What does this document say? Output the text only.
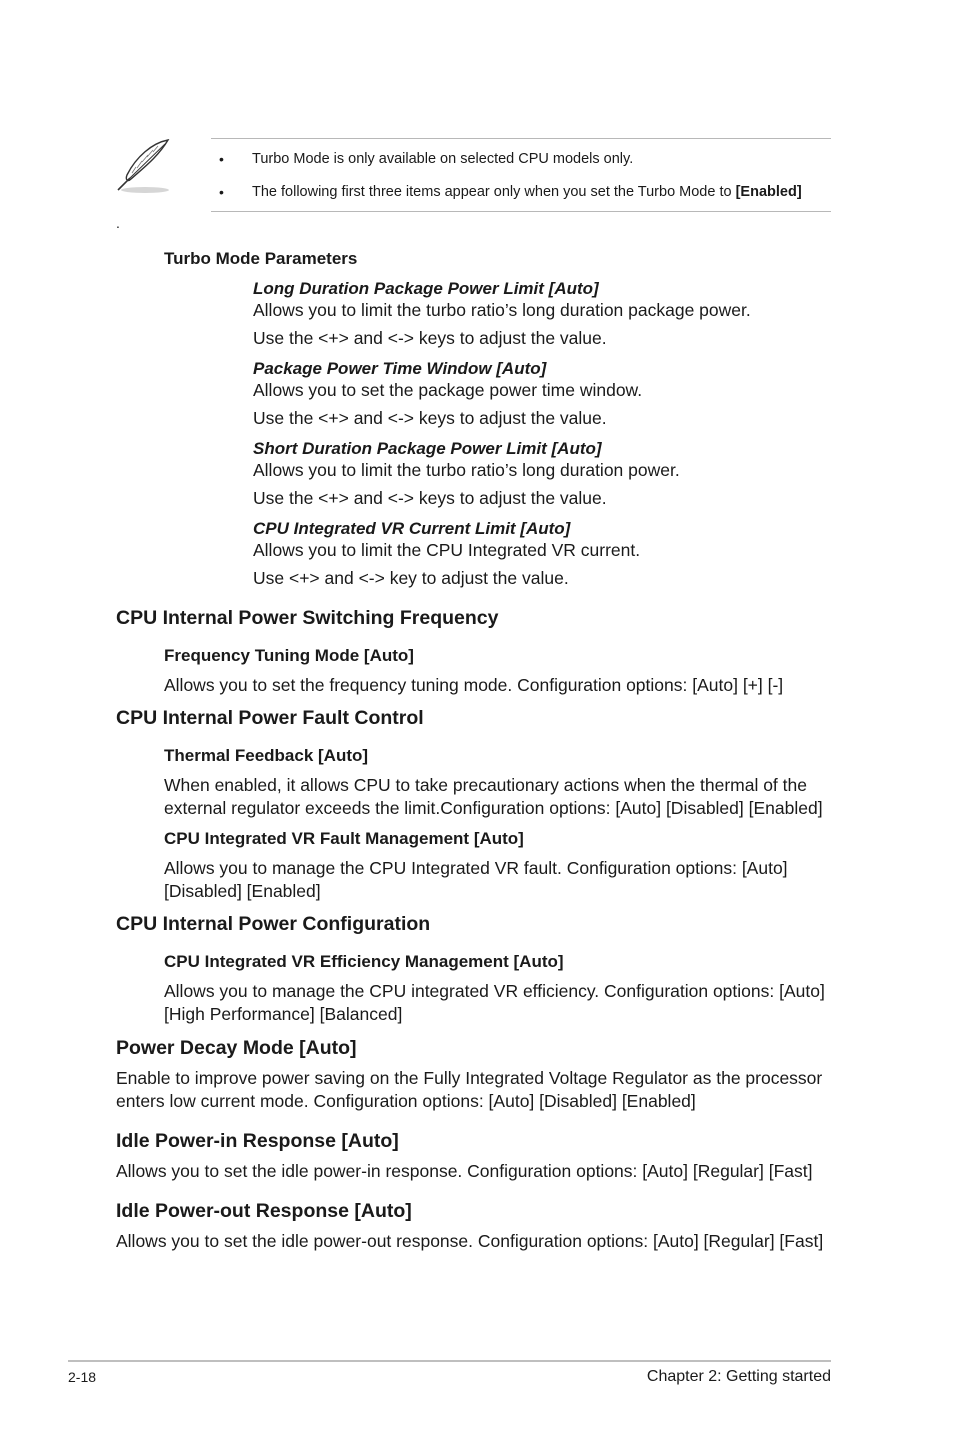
• Turbo Mode is only available on selected CPU models only.
• The following first three items appear only when you set the Turbo Mode to [Enabled]
.
Turbo Mode Parameters
Long Duration Package Power Limit [Auto]
Allows you to limit the turbo ratio’s long duration package power.
Use the <+> and <-> keys to adjust the value.
Package Power Time Window [Auto]
Allows you to set the package power time window.
Use the <+> and <-> keys to adjust the value.
Short Duration Package Power Limit [Auto]
Allows you to limit the turbo ratio’s long duration power.
Use the <+> and <-> keys to adjust the value.
CPU Integrated VR Current Limit [Auto]
Allows you to limit the CPU Integrated VR current.
Use <+> and <-> key to adjust the value.
CPU Internal Power Switching Frequency
Frequency Tuning Mode [Auto]
Allows you to set the frequency tuning mode. Configuration options: [Auto] [+] [-]
CPU Internal Power Fault Control
Thermal Feedback [Auto]
When enabled, it allows CPU to take precautionary actions when the thermal of the
external regulator exceeds the limit.Configuration options: [Auto] [Disabled] [Enabled]
CPU Integrated VR Fault Management [Auto]
Allows you to manage the CPU Integrated VR fault. Configuration options: [Auto]
[Disabled] [Enabled]
CPU Internal Power Configuration
CPU Integrated VR Efficiency Management [Auto]
Allows you to manage the CPU integrated VR efficiency. Configuration options: [Auto]
[High Performance] [Balanced]
Power Decay Mode [Auto]
Enable to improve power saving on the Fully Integrated Voltage Regulator as the processor
enters low current mode. Configuration options: [Auto] [Disabled] [Enabled]
Idle Power-in Response [Auto]
Allows you to set the idle power-in response. Configuration options: [Auto] [Regular] [Fast]
Idle Power-out Response [Auto]
Allows you to set the idle power-out response. Configuration options: [Auto] [Regular] [Fast]
2-18	Chapter 2: Getting started
